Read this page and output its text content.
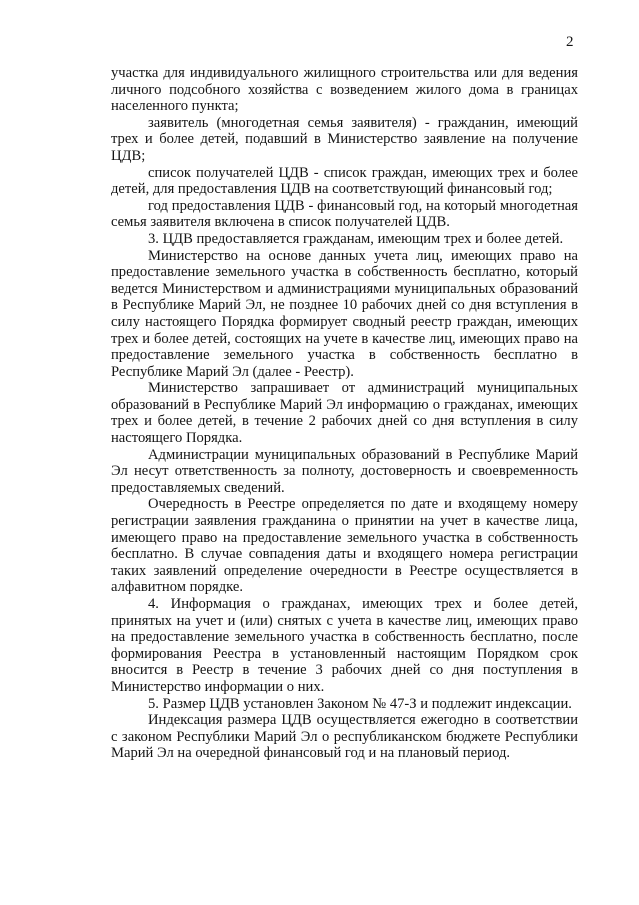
2

участка для индивидуального жилищного строительства или для ведения личного подсобного хозяйства с возведением жилого дома в границах населенного пункта;

заявитель (многодетная семья заявителя) - гражданин, имеющий трех и более детей, подавший в Министерство заявление на получение ЦДВ;

список получателей ЦДВ - список граждан, имеющих трех и более детей, для предоставления ЦДВ на соответствующий финансовый год;

год предоставления ЦДВ - финансовый год, на который многодетная семья заявителя включена в список получателей ЦДВ.

3. ЦДВ предоставляется гражданам, имеющим трех и более детей.

Министерство на основе данных учета лиц, имеющих право на предоставление земельного участка в собственность бесплатно, который ведется Министерством и администрациями муниципальных образований в Республике Марий Эл, не позднее 10 рабочих дней со дня вступления в силу настоящего Порядка формирует сводный реестр граждан, имеющих трех и более детей, состоящих на учете в качестве лиц, имеющих право на предоставление земельного участка в собственность бесплатно в Республике Марий Эл (далее - Реестр).

Министерство запрашивает от администраций муниципальных образований в Республике Марий Эл информацию о гражданах, имеющих трех и более детей, в течение 2 рабочих дней со дня вступления в силу настоящего Порядка.

Администрации муниципальных образований в Республике Марий Эл несут ответственность за полноту, достоверность и своевременность предоставляемых сведений.

Очередность в Реестре определяется по дате и входящему номеру регистрации заявления гражданина о принятии на учет в качестве лица, имеющего право на предоставление земельного участка в собственность бесплатно. В случае совпадения даты и входящего номера регистрации таких заявлений определение очередности в Реестре осуществляется в алфавитном порядке.

4. Информация о гражданах, имеющих трех и более детей, принятых на учет и (или) снятых с учета в качестве лиц, имеющих право на предоставление земельного участка в собственность бесплатно, после формирования Реестра в установленный настоящим Порядком срок вносится в Реестр в течение 3 рабочих дней со дня поступления в Министерство информации о них.

5. Размер ЦДВ установлен Законом № 47-З и подлежит индексации.

Индексация размера ЦДВ осуществляется ежегодно в соответствии с законом Республики Марий Эл о республиканском бюджете Республики Марий Эл на очередной финансовый год и на плановый период.
